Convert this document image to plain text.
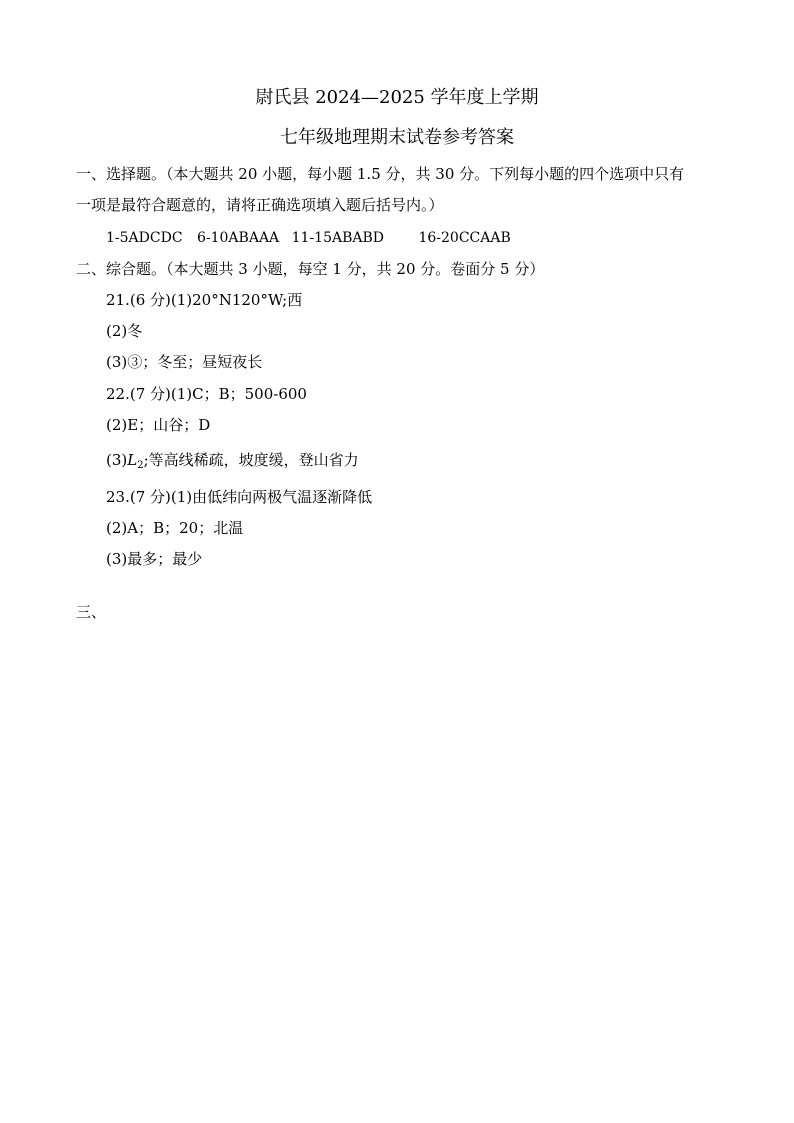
尉氏县 2024—2025 学年度上学期
七年级地理期末试卷参考答案
一、选择题。（本大题共 20 小题，每小题 1.5 分，共 30 分。下列每小题的四个选项中只有
一项是最符合题意的，请将正确选项填入题后括号内。）
1-5ADCDC 6-10ABAAA 11-15ABABD 16-20CCAAB
二、综合题。（本大题共 3 小题，每空 1 分，共 20 分。卷面分 5 分）
21.(6 分)(1)20°N120°W;西
(2)冬
(3)③；冬至；昼短夜长
22.(7 分)(1)C；B；500-600
(2)E；山谷；D
$(3)L_2$;等高线稀疏，坡度缓，登山省力
23.(7 分)(1)由低纬向两极气温逐渐降低
(2)A；B；20；北温
(3)最多；最少
三、
